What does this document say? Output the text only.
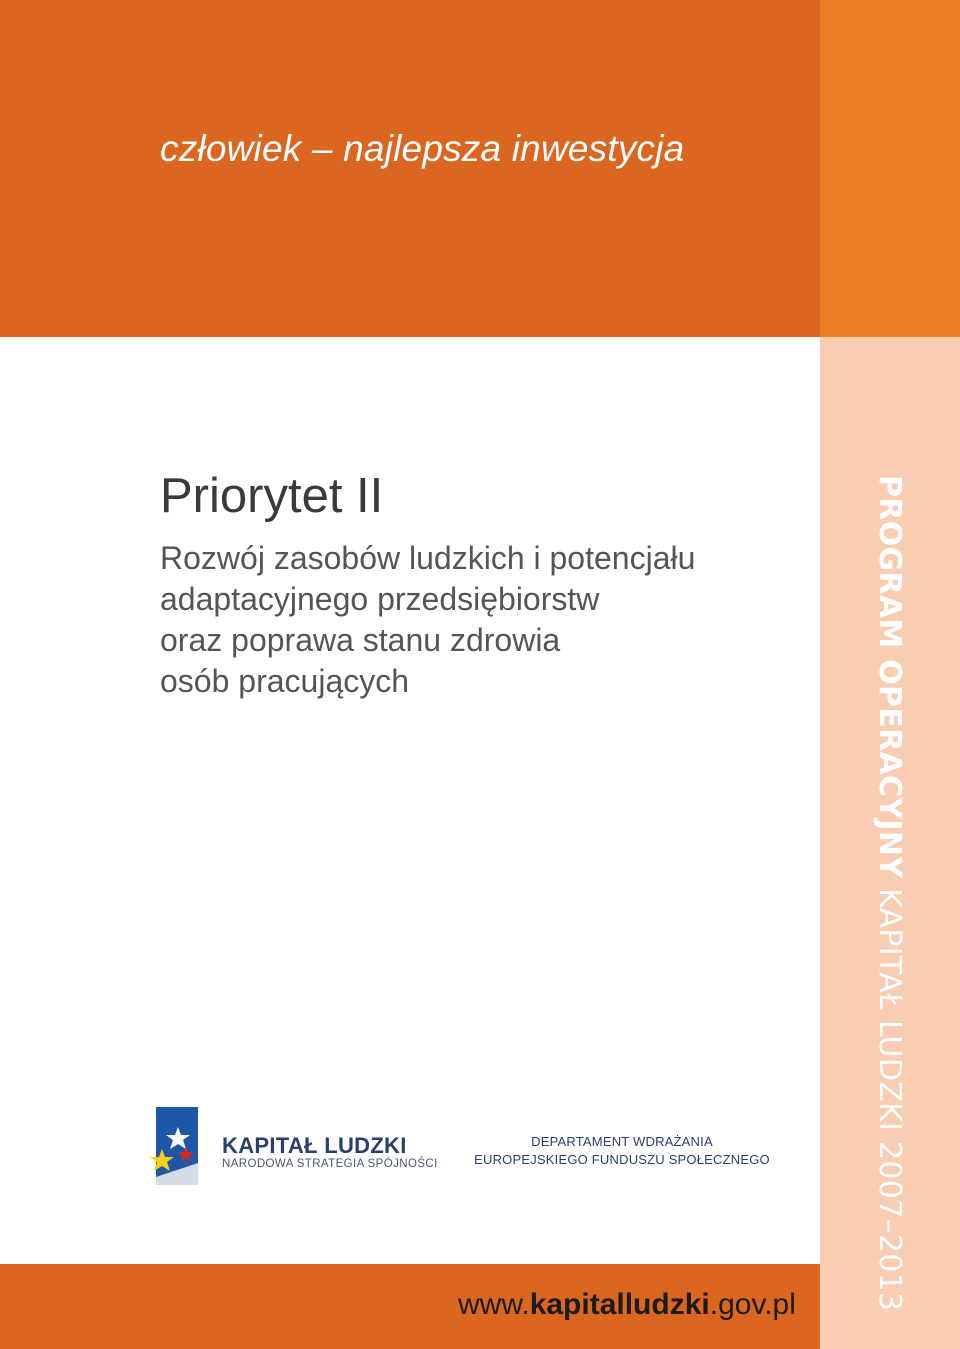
człowiek – najlepsza inwestycja
PROGRAM OPERACYJNY KAPITAŁ LUDZKI 2007–2013
Priorytet II
Rozwój zasobów ludzkich i potencjału
adaptacyjnego przedsiębiorstw
oraz poprawa stanu zdrowia
osób pracujących
KAPITAŁ LUDZKI
NARODOWA STRATEGIA SPÓJNOŚCI
DEPARTAMENT WDRAŻANIA
EUROPEJSKIEGO FUNDUSZU SPOŁECZNEGO
www.kapitalludzki.gov.pl
